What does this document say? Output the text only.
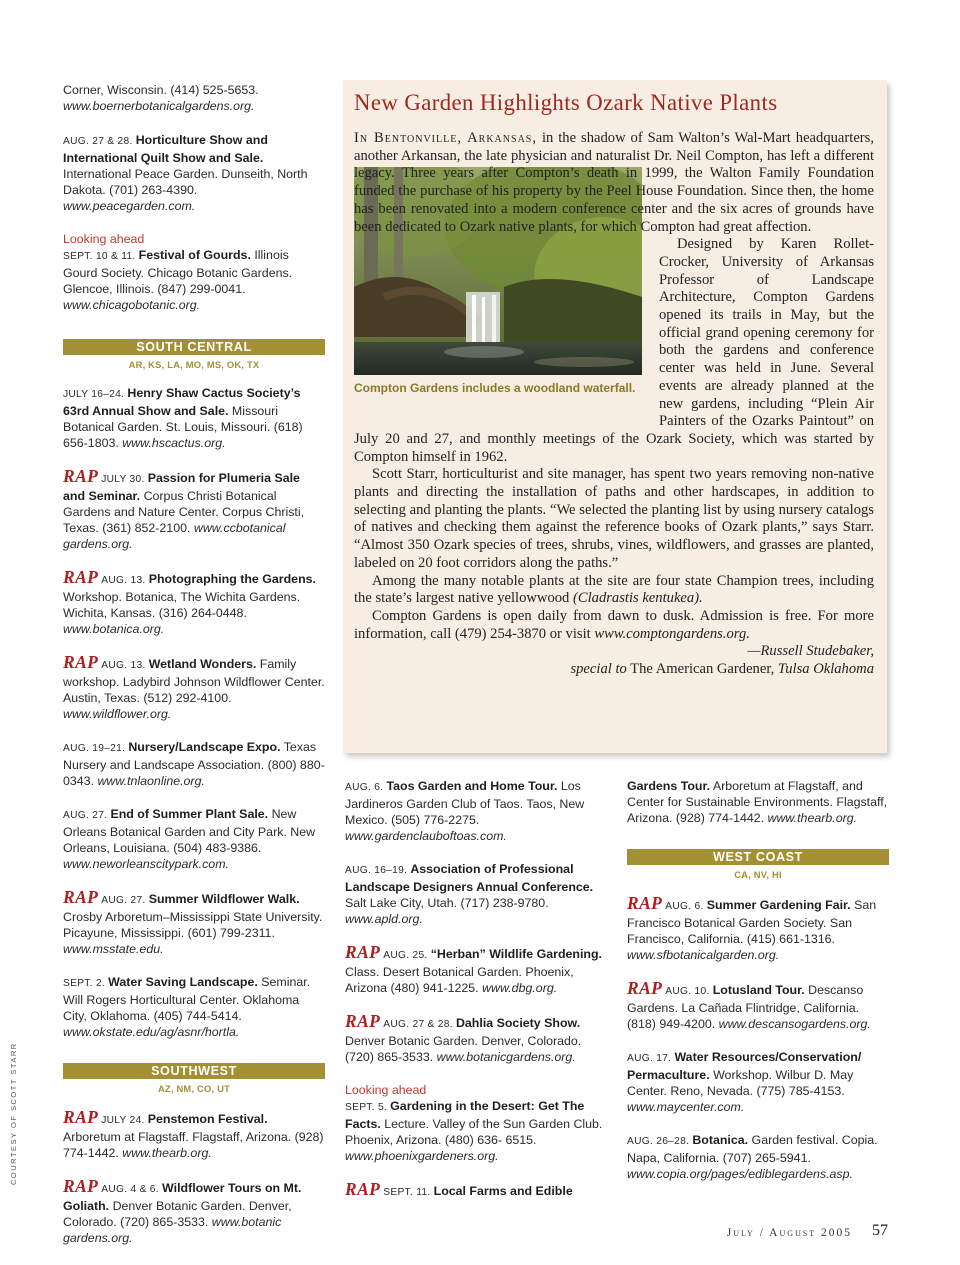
Corner, Wisconsin. (414) 525-5653. www.boernerbotanicalgardens.org.
AUG. 27 & 28. Horticulture Show and International Quilt Show and Sale. International Peace Garden. Dunseith, North Dakota. (701) 263-4390. www.peacegarden.com.
Looking ahead
SEPT. 10 & 11. Festival of Gourds. Illinois Gourd Society. Chicago Botanic Gardens. Glencoe, Illinois. (847) 299-0041. www.chicagobotanic.org.
SOUTH CENTRAL
AR, KS, LA, MO, MS, OK, TX
JULY 16–24. Henry Shaw Cactus Society’s 63rd Annual Show and Sale. Missouri Botanical Garden. St. Louis, Missouri. (618) 656-1803. www.hscactus.org.
RAP JULY 30. Passion for Plumeria Sale and Seminar. Corpus Christi Botanical Gardens and Nature Center. Corpus Christi, Texas. (361) 852-2100. www.ccbotanical gardens.org.
RAP AUG. 13. Photographing the Gardens. Workshop. Botanica, The Wichita Gardens. Wichita, Kansas. (316) 264-0448. www.botanica.org.
RAP AUG. 13. Wetland Wonders. Family workshop. Ladybird Johnson Wildflower Center. Austin, Texas. (512) 292-4100. www.wildflower.org.
AUG. 19–21. Nursery/Landscape Expo. Texas Nursery and Landscape Association. (800) 880-0343. www.tnlaonline.org.
AUG. 27. End of Summer Plant Sale. New Orleans Botanical Garden and City Park. New Orleans, Louisiana. (504) 483-9386. www.neworleanscitypark.com.
RAP AUG. 27. Summer Wildflower Walk. Crosby Arboretum–Mississippi State University. Picayune, Mississippi. (601) 799-2311. www.msstate.edu.
SEPT. 2. Water Saving Landscape. Seminar. Will Rogers Horticultural Center. Oklahoma City, Oklahoma. (405) 744-5414. www.okstate.edu/ag/asnr/hortla.
SOUTHWEST
AZ, NM, CO, UT
RAP JULY 24. Penstemon Festival. Arboretum at Flagstaff. Flagstaff, Arizona. (928) 774-1442. www.thearb.org.
RAP AUG. 4 & 6. Wildflower Tours on Mt. Goliath. Denver Botanic Garden. Denver, Colorado. (720) 865-3533. www.botanic gardens.org.
New Garden Highlights Ozark Native Plants

In Bentonville, Arkansas, in the shadow of Sam Walton’s Wal-Mart headquarters, another Arkansan, the late physician and naturalist Dr. Neil Compton, has left a different legacy. Three years after Compton’s death in 1999, the Walton Family Foundation funded the purchase of his property by the Peel House Foundation. Since then, the home has been renovated into a modern conference center and the six acres of grounds have been dedicated to Ozark native plants, for which Compton had great affection.

Compton Gardens includes a woodland waterfall.

Designed by Karen Rollet-Crocker, University of Arkansas Professor of Landscape Architecture, Compton Gardens opened its trails in May, but the official grand opening ceremony for both the gardens and conference center was held in June. Several events are already planned at the new gardens, including “Plein Air Painters of the Ozarks Paintout” on July 20 and 27, and monthly meetings of the Ozark Society, which was started by Compton himself in 1962.

Scott Starr, horticulturist and site manager, has spent two years removing non-native plants and directing the installation of paths and other hardscapes, in addition to selecting and planting the plants. “We selected the planting list by using nursery catalogs of natives and checking them against the reference books of Ozark plants,” says Starr. “Almost 350 Ozark species of trees, shrubs, vines, wildflowers, and grasses are planted, labeled on 20 foot corridors along the paths.”

Among the many notable plants at the site are four state Champion trees, including the state’s largest native yellowwood (Cladrastis kentukea).

Compton Gardens is open daily from dawn to dusk. Admission is free. For more information, call (479) 254-3870 or visit www.comptongardens.org.

—Russell Studebaker,
special to The American Gardener, Tulsa Oklahoma
AUG. 6. Taos Garden and Home Tour. Los Jardineros Garden Club of Taos. Taos, New Mexico. (505) 776-2275. www.gardenclauboftoas.com.
AUG. 16–19. Association of Professional Landscape Designers Annual Conference. Salt Lake City, Utah. (717) 238-9780. www.apld.org.
RAP AUG. 25. “Herban” Wildlife Gardening. Class. Desert Botanical Garden. Phoenix, Arizona (480) 941-1225. www.dbg.org.
RAP AUG. 27 & 28. Dahlia Society Show. Denver Botanic Garden. Denver, Colorado. (720) 865-3533. www.botanicgardens.org.
Looking ahead
SEPT. 5. Gardening in the Desert: Get The Facts. Lecture. Valley of the Sun Garden Club. Phoenix, Arizona. (480) 636- 6515. www.phoenixgardeners.org.
RAP SEPT. 11. Local Farms and Edible
Gardens Tour. Arboretum at Flagstaff, and Center for Sustainable Environments. Flagstaff, Arizona. (928) 774-1442. www.thearb.org.
WEST COAST
CA, NV, HI
RAP AUG. 6. Summer Gardening Fair. San Francisco Botanical Garden Society. San Francisco, California. (415) 661-1316. www.sfbotanicalgarden.org.
RAP AUG. 10. Lotusland Tour. Descanso Gardens. La Cañada Flintridge, California. (818) 949-4200. www.descansogardens.org.
AUG. 17. Water Resources/Conservation/ Permaculture. Workshop. Wilbur D. May Center. Reno, Nevada. (775) 785-4153. www.maycenter.com.
AUG. 26–28. Botanica. Garden festival. Copia. Napa, California. (707) 265-5941. www.copia.org/pages/ediblegardens.asp.
COURTESY OF SCOTT STARR
July / August 2005 57
